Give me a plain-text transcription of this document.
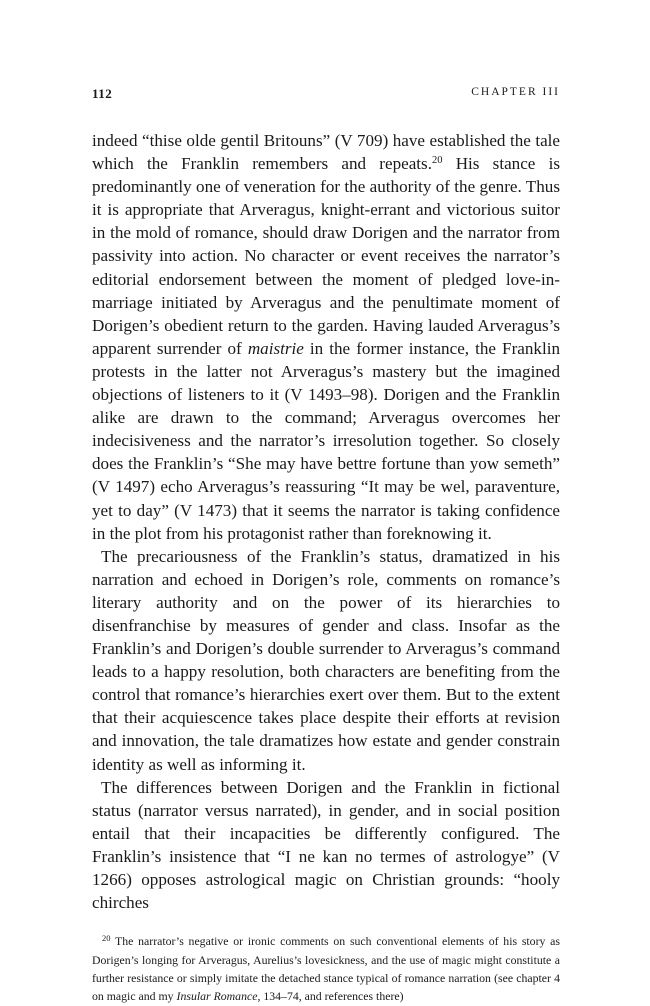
112	CHAPTER III

indeed “thise olde gentil Britouns” (V 709) have established the tale which the Franklin remembers and repeats.$^{20}$ His stance is predominantly one of veneration for the authority of the genre. Thus it is appropriate that Arveragus, knight-errant and victorious suitor in the mold of romance, should draw Dorigen and the narrator from passivity into action. No character or event receives the narrator’s editorial endorsement between the moment of pledged love-in-marriage initiated by Arveragus and the penultimate moment of Dorigen’s obedient return to the garden. Having lauded Arveragus’s apparent surrender of maistrie in the former instance, the Franklin protests in the latter not Arveragus’s mastery but the imagined objections of listeners to it (V 1493–98). Dorigen and the Franklin alike are drawn to the command; Arveragus overcomes her indecisiveness and the narrator’s irresolution together. So closely does the Franklin’s “She may have bettre fortune than yow semeth” (V 1497) echo Arveragus’s reassuring “It may be wel, paraventure, yet to day” (V 1473) that it seems the narrator is taking confidence in the plot from his protagonist rather than foreknowing it.

The precariousness of the Franklin’s status, dramatized in his narration and echoed in Dorigen’s role, comments on romance’s literary authority and on the power of its hierarchies to disenfranchise by measures of gender and class. Insofar as the Franklin’s and Dorigen’s double surrender to Arveragus’s command leads to a happy resolution, both characters are benefiting from the control that romance’s hierarchies exert over them. But to the extent that their acquiescence takes place despite their efforts at revision and innovation, the tale dramatizes how estate and gender constrain identity as well as informing it.

The differences between Dorigen and the Franklin in fictional status (narrator versus narrated), in gender, and in social position entail that their incapacities be differently configured. The Franklin’s insistence that “I ne kan no termes of astrologye” (V 1266) opposes astrological magic on Christian grounds: “hooly chirches

$^{20}$ The narrator’s negative or ironic comments on such conventional elements of his story as Dorigen’s longing for Arveragus, Aurelius’s lovesickness, and the use of magic might constitute a further resistance or simply imitate the detached stance typical of romance narration (see chapter 4 on magic and my Insular Romance, 134–74, and references there)
